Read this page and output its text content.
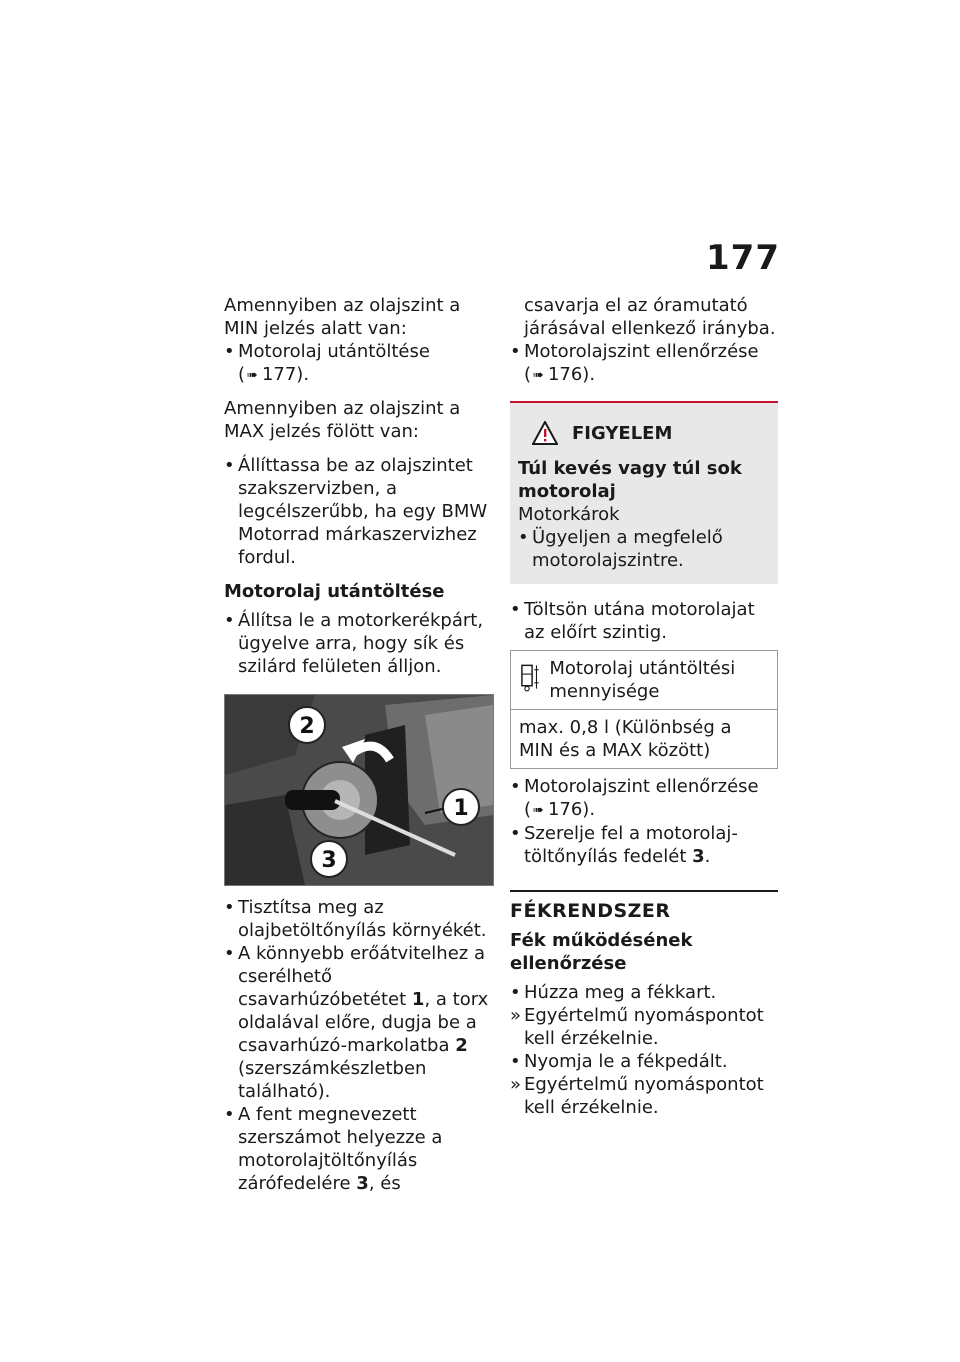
177

Amennyiben az olajszint a MIN jelzés alatt van:

• Motorolaj utántöltése
( ➠ 177).

Amennyiben az olajszint a MAX jelzés fölött van:

• Állíttassa be az olajszintet szakszervizben, a legcélszerűbb, ha egy BMW Motorrad márkaszervizhez fordul.

Motorolaj utántöltése

• Állítsa le a motorkerékpárt, ügyelve arra, hogy sík és szilárd felületen álljon.
1
2
3
• Tisztítsa meg az olajbetöltőnyílás környékét.
• A könnyebb erőátvitelhez a cserélhető csavarhúzóbetétet 1, a torx oldalával előre, dugja be a csavarhúzó-markolatba 2 (szerszámkészletben található).
• A fent megnevezett szerszámot helyezze a motorolajtöltőnyílás zárófedelére 3, és

csavarja el az óramutató járásával ellenkező irányba.

• Motorolajszint ellenőrzése
( ➠ 176).
FIGYELEM

Túl kevés vagy túl sok motorolaj

Motorkárok

• Ügyeljen a megfelelő motorolajszintre.
• Töltsön utána motorolajat az előírt szintig.
Motorolaj utántöltési mennyisége
max. 0,8 l (Különbség a MIN és a MAX között)
• Motorolajszint ellenőrzése
( ➠ 176).
• Szerelje fel a motorolaj-töltőnyílás fedelét 3.
FÉKRENDSZER

Fék működésének ellenőrzése

• Húzza meg a fékkart.
» Egyértelmű nyomáspontot kell érzékelnie.
• Nyomja le a fékpedált.
» Egyértelmű nyomáspontot kell érzékelnie.
